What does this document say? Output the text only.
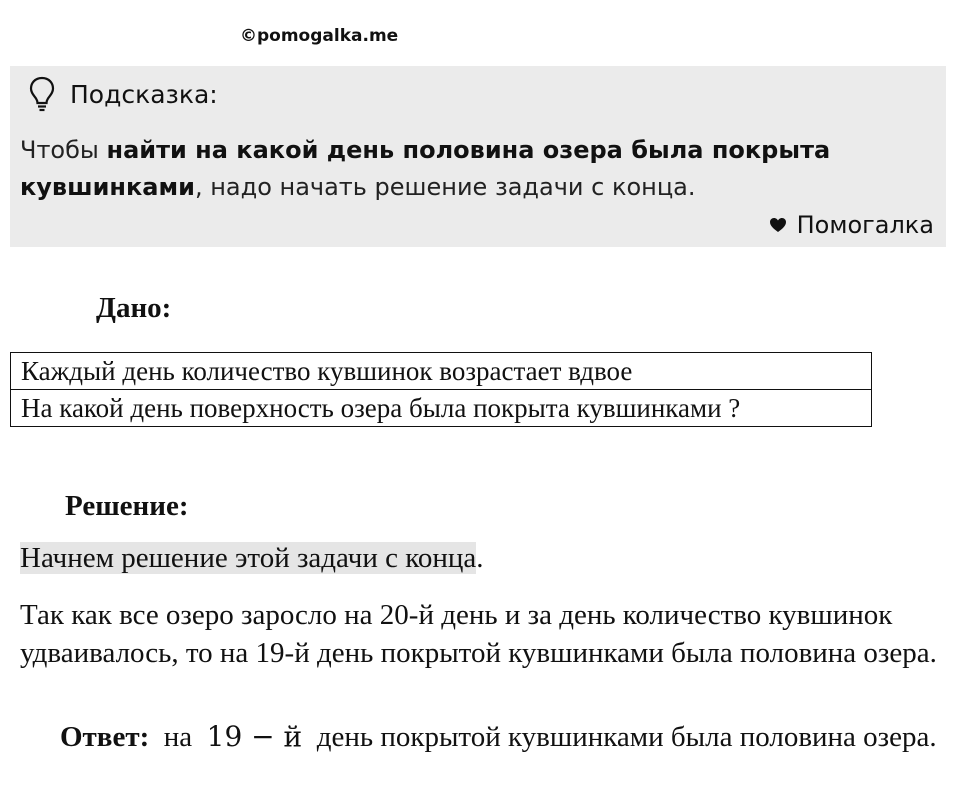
©pomogalka.me
Подсказка:
Чтобы найти на какой день половина озера была покрыта кувшинками, надо начать решение задачи с конца.
Помогалка
Дано:
Каждый день количество кувшинок возрастает вдвое
На какой день поверхность озера была покрыта кувшинками ?
Решение:
Начнем решение этой задачи с конца.
Так как все озеро заросло на 20-й день и за день количество кувшинок удваивалось, то на 19-й день покрытой кувшинками была половина озера.
Ответ: на 19 − й день покрытой кувшинками была половина озера.
